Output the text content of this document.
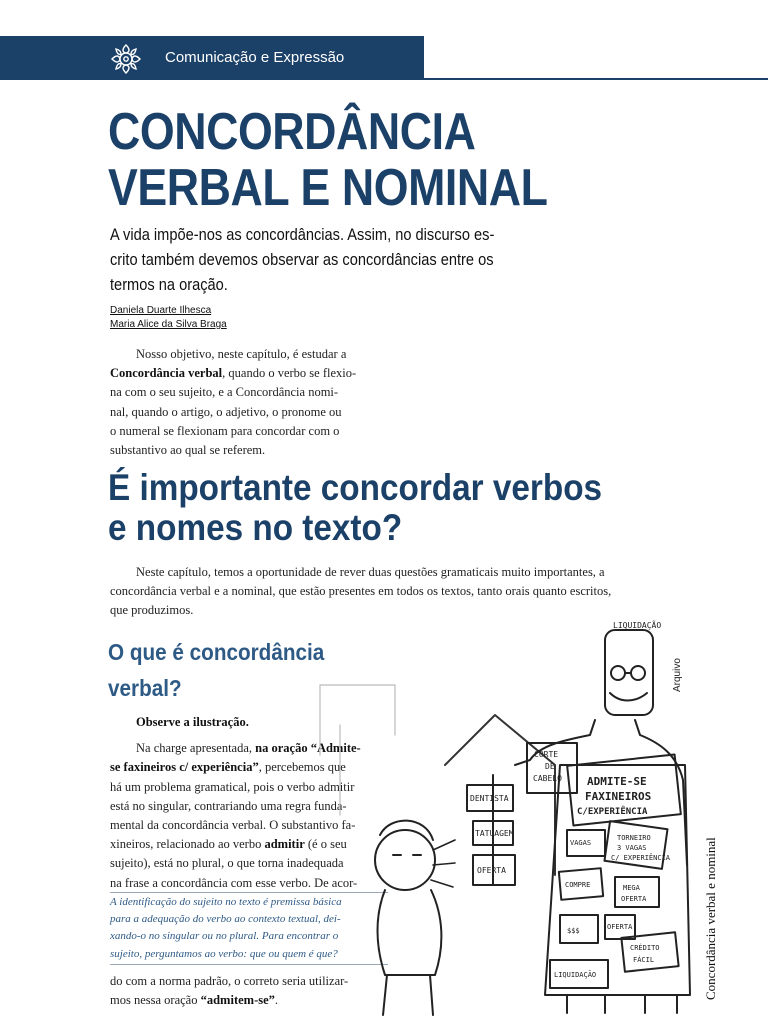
Comunicação e Expressão
CONCORDÂNCIA
VERBAL E NOMINAL
A vida impõe-nos as concordâncias. Assim, no discurso es-
crito também devemos observar as concordâncias entre os
termos na oração.
Daniela Duarte Ilhesca
Maria Alice da Silva Braga
Nosso objetivo, neste capítulo, é estudar a
Concordância verbal, quando o verbo se flexio-
na com o seu sujeito, e a Concordância nomi-
nal, quando o artigo, o adjetivo, o pronome ou
o numeral se flexionam para concordar com o
substantivo ao qual se referem.
É importante concordar verbos
e nomes no texto?
Neste capítulo, temos a oportunidade de rever duas questões gramaticais muito importantes, a
concordância verbal e a nominal, que estão presentes em todos os textos, tanto orais quanto escritos,
que produzimos.
O que é concordância
verbal?
Observe a ilustração.
Na charge apresentada, na oração “Admite-
se faxineiros c/ experiência”, percebemos que
há um problema gramatical, pois o verbo admitir
está no singular, contrariando uma regra funda-
mental da concordância verbal. O substantivo fa-
xineiros, relacionado ao verbo admitir (é o seu
sujeito), está no plural, o que torna inadequada
na frase a concordância com esse verbo. De acor-
A identificação do sujeito no texto é premissa básica
para a adequação do verbo ao contexto textual, dei-
xando-o no singular ou no plural. Para encontrar o
sujeito, perguntamos ao verbo: que ou quem é que?
do com a norma padrão, o correto seria utilizar-
mos nessa oração “admitem-se”.
LIQUIDAÇÃO
CORTE
DE
CABELO
DENTISTA
TATUAGEM
OFERTA
ADMITE-SE
FAXINEIROS
C/EXPERIÊNCIA
TORNEIRO
3 VAGAS
C/ EXPERIÊNCIA
MEGA
OFERTA
$$$
CRÉDITO
FÁCIL
LIQUIDAÇÃO
VAGAS
COMPRE
OFERTA
Arquivo
Concordância verbal e nominal
